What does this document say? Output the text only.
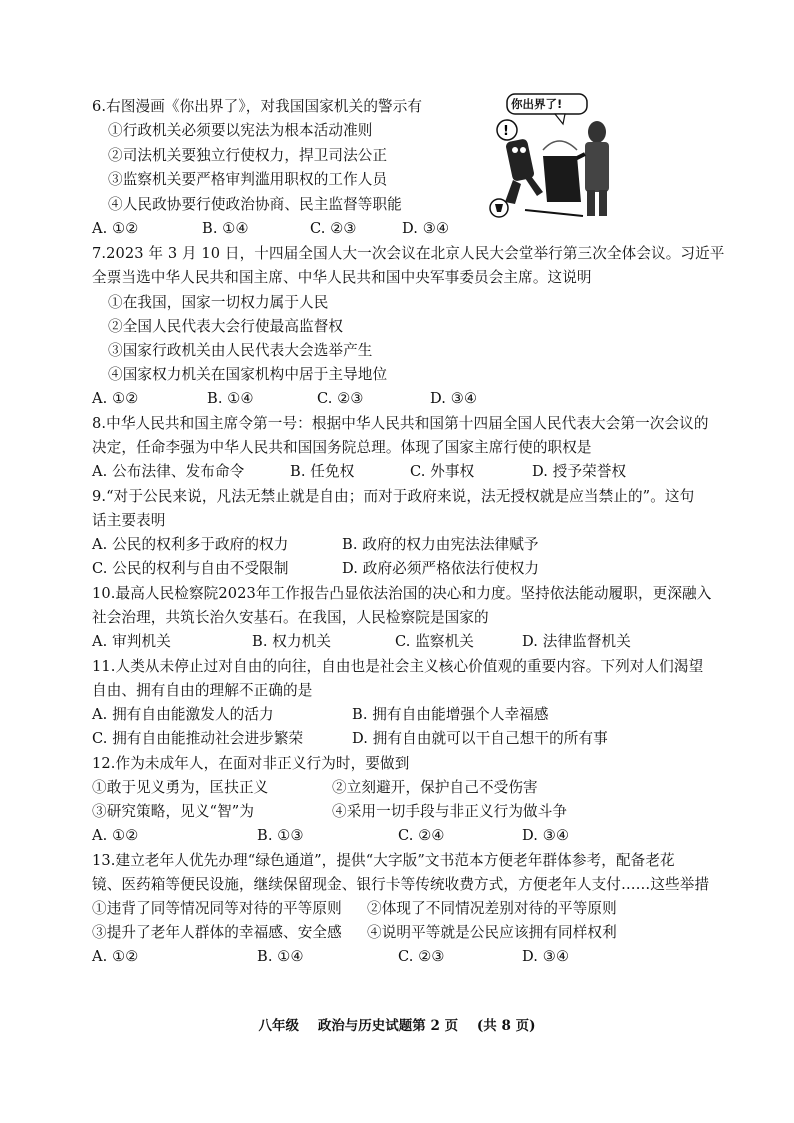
6.右图漫画《你出界了》，对我国国家机关的警示有
①行政机关必须要以宪法为根本活动准则
②司法机关要独立行使权力，捍卫司法公正
③监察机关要严格审判滥用职权的工作人员
④人民政协要行使政治协商、民主监督等职能
A. ①②	B. ①④	C. ②③	D. ③④
!
你出界了!
7.2023 年 3 月 10 日，十四届全国人大一次会议在北京人民大会堂举行第三次全体会议。习近平
全票当选中华人民共和国主席、中华人民共和国中央军事委员会主席。这说明
①在我国，国家一切权力属于人民
②全国人民代表大会行使最高监督权
③国家行政机关由人民代表大会选举产生
④国家权力机关在国家机构中居于主导地位
A. ①②	B. ①④	C. ②③	D. ③④
8.中华人民共和国主席令第一号：根据中华人民共和国第十四届全国人民代表大会第一次会议的
决定，任命李强为中华人民共和国国务院总理。体现了国家主席行使的职权是
A. 公布法律、发布命令	B. 任免权	C. 外事权	D. 授予荣誉权
9.“对于公民来说，凡法无禁止就是自由；而对于政府来说，法无授权就是应当禁止的”。这句
话主要表明
A. 公民的权利多于政府的权力	B. 政府的权力由宪法法律赋予
C. 公民的权利与自由不受限制	D. 政府必须严格依法行使权力
10.最高人民检察院2023年工作报告凸显依法治国的决心和力度。坚持依法能动履职，更深融入
社会治理，共筑长治久安基石。在我国，人民检察院是国家的
A. 审判机关	B. 权力机关	C. 监察机关	D. 法律监督机关
11.人类从未停止过对自由的向往，自由也是社会主义核心价值观的重要内容。下列对人们渴望
自由、拥有自由的理解不正确的是
A. 拥有自由能激发人的活力	B. 拥有自由能增强个人幸福感
C. 拥有自由能推动社会进步繁荣	D. 拥有自由就可以干自己想干的所有事
12.作为未成年人，在面对非正义行为时，要做到
①敢于见义勇为，匡扶正义	②立刻避开，保护自己不受伤害
③研究策略，见义“智”为	④采用一切手段与非正义行为做斗争
A. ①②	B. ①③	C. ②④	D. ③④
13.建立老年人优先办理“绿色通道”，提供“大字版”文书范本方便老年群体参考，配备老花
镜、医药箱等便民设施，继续保留现金、银行卡等传统收费方式，方便老年人支付……这些举措
①违背了同等情况同等对待的平等原则 ②体现了不同情况差别对待的平等原则
③提升了老年人群体的幸福感、安全感 ④说明平等就是公民应该拥有同样权利
A. ①②	B. ①④	C. ②③	D. ③④
八年级 政治与历史试题第 2 页 (共 8 页)
